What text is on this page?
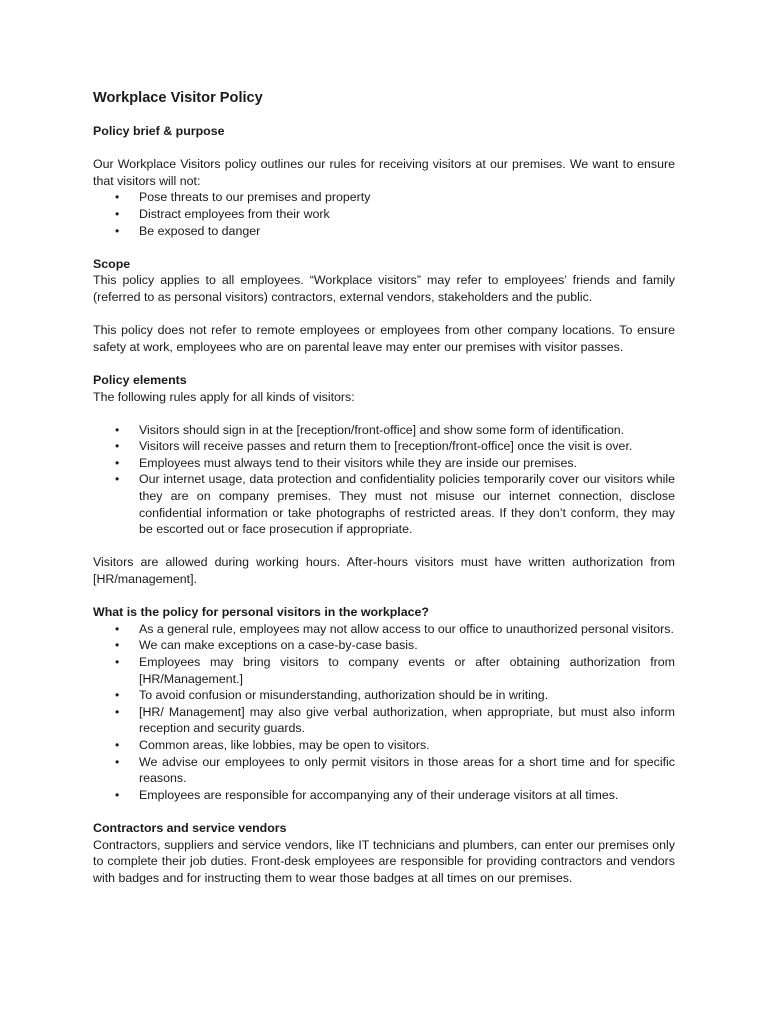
Workplace Visitor Policy
Policy brief & purpose

Our Workplace Visitors policy outlines our rules for receiving visitors at our premises. We want to ensure that visitors will not:

• Pose threats to our premises and property
• Distract employees from their work
• Be exposed to danger
Scope

This policy applies to all employees. “Workplace visitors” may refer to employees’ friends and family (referred to as personal visitors) contractors, external vendors, stakeholders and the public.

This policy does not refer to remote employees or employees from other company locations. To ensure safety at work, employees who are on parental leave may enter our premises with visitor passes.

Policy elements

The following rules apply for all kinds of visitors:

• Visitors should sign in at the [reception/front-office] and show some form of identification.
• Visitors will receive passes and return them to [reception/front-office] once the visit is over.
• Employees must always tend to their visitors while they are inside our premises.
• Our internet usage, data protection and confidentiality policies temporarily cover our visitors while they are on company premises. They must not misuse our internet connection, disclose confidential information or take photographs of restricted areas. If they don’t conform, they may be escorted out or face prosecution if appropriate.

Visitors are allowed during working hours. After-hours visitors must have written authorization from [HR/management].

What is the policy for personal visitors in the workplace?
• As a general rule, employees may not allow access to our office to unauthorized personal visitors.
• We can make exceptions on a case-by-case basis.
• Employees may bring visitors to company events or after obtaining authorization from [HR/Management.]
• To avoid confusion or misunderstanding, authorization should be in writing.
• [HR/ Management] may also give verbal authorization, when appropriate, but must also inform reception and security guards.
• Common areas, like lobbies, may be open to visitors.
• We advise our employees to only permit visitors in those areas for a short time and for specific reasons.
• Employees are responsible for accompanying any of their underage visitors at all times.
Contractors and service vendors

Contractors, suppliers and service vendors, like IT technicians and plumbers, can enter our premises only to complete their job duties. Front-desk employees are responsible for providing contractors and vendors with badges and for instructing them to wear those badges at all times on our premises.
